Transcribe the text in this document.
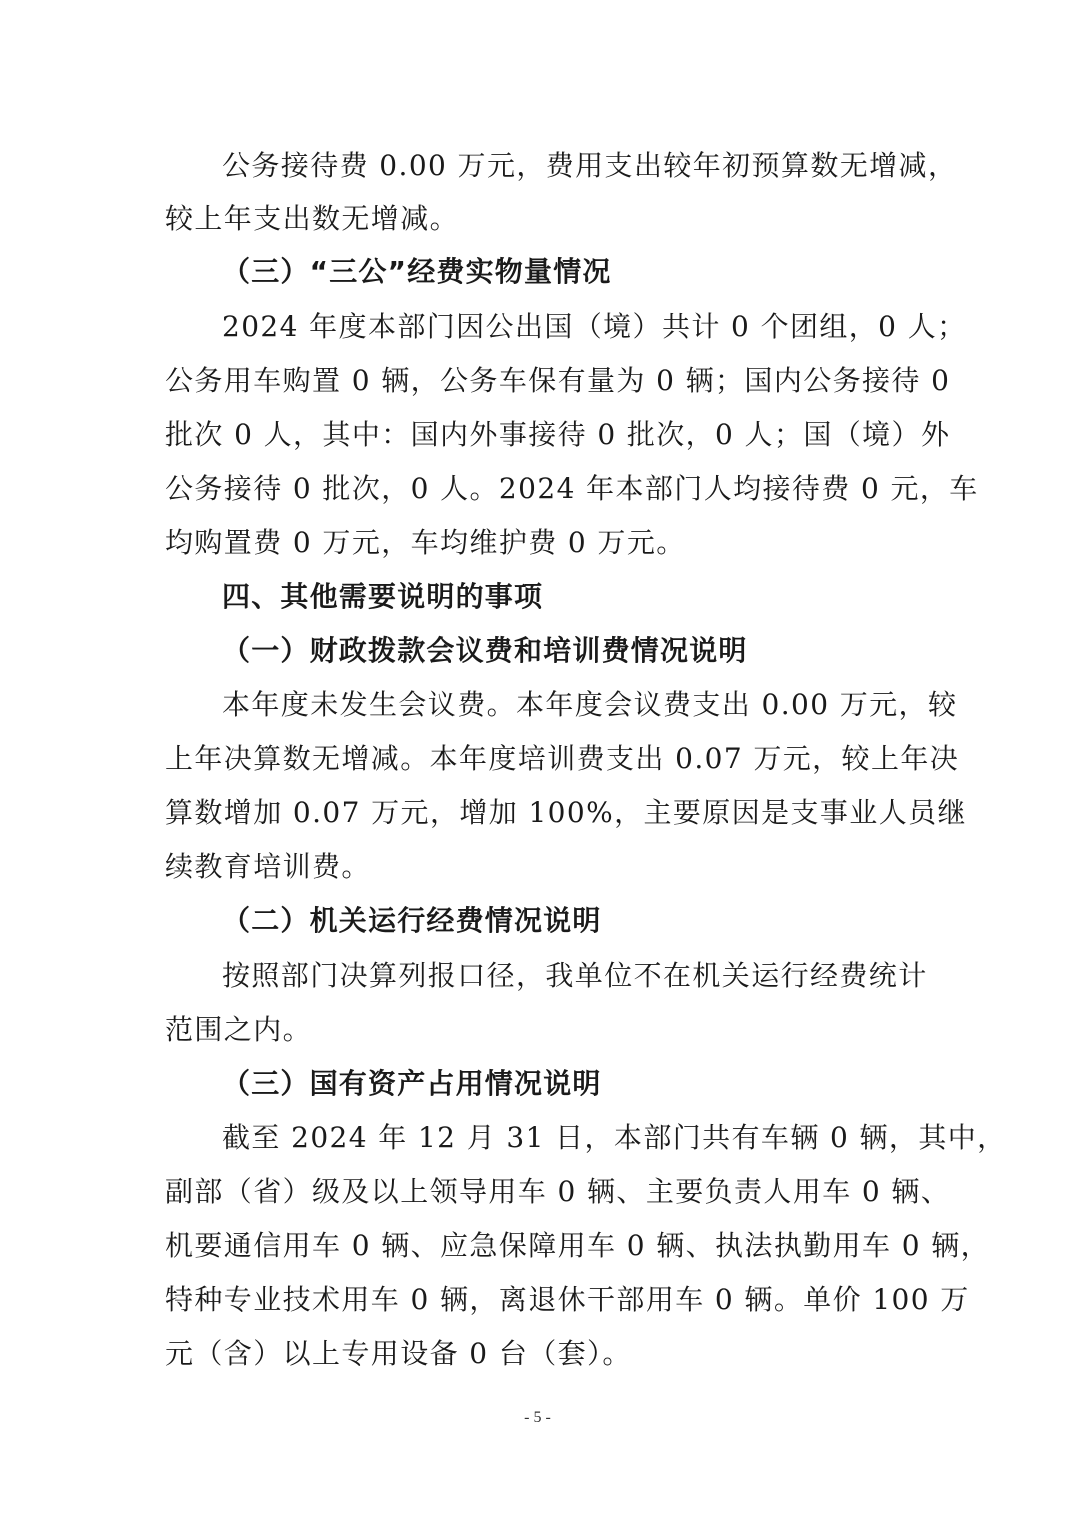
公务接待费 0.00 万元，费用支出较年初预算数无增减，
较上年支出数无增减。
（三）“三公”经费实物量情况
2024 年度本部门因公出国（境）共计 0 个团组，0 人；
公务用车购置 0 辆，公务车保有量为 0 辆；国内公务接待 0
批次 0 人，其中：国内外事接待 0 批次，0 人；国（境）外
公务接待 0 批次，0 人。2024 年本部门人均接待费 0 元，车
均购置费 0 万元，车均维护费 0 万元。
四、其他需要说明的事项
（一）财政拨款会议费和培训费情况说明
本年度未发生会议费。本年度会议费支出 0.00 万元，较
上年决算数无增减。本年度培训费支出 0.07 万元，较上年决
算数增加 0.07 万元，增加 100%，主要原因是支事业人员继
续教育培训费。
（二）机关运行经费情况说明
按照部门决算列报口径，我单位不在机关运行经费统计
范围之内。
（三）国有资产占用情况说明
截至 2024 年 12 月 31 日，本部门共有车辆 0 辆，其中，
副部（省）级及以上领导用车 0 辆、主要负责人用车 0 辆、
机要通信用车 0 辆、应急保障用车 0 辆、执法执勤用车 0 辆，
特种专业技术用车 0 辆，离退休干部用车 0 辆。单价 100 万
元（含）以上专用设备 0 台（套）。
- 5 -
